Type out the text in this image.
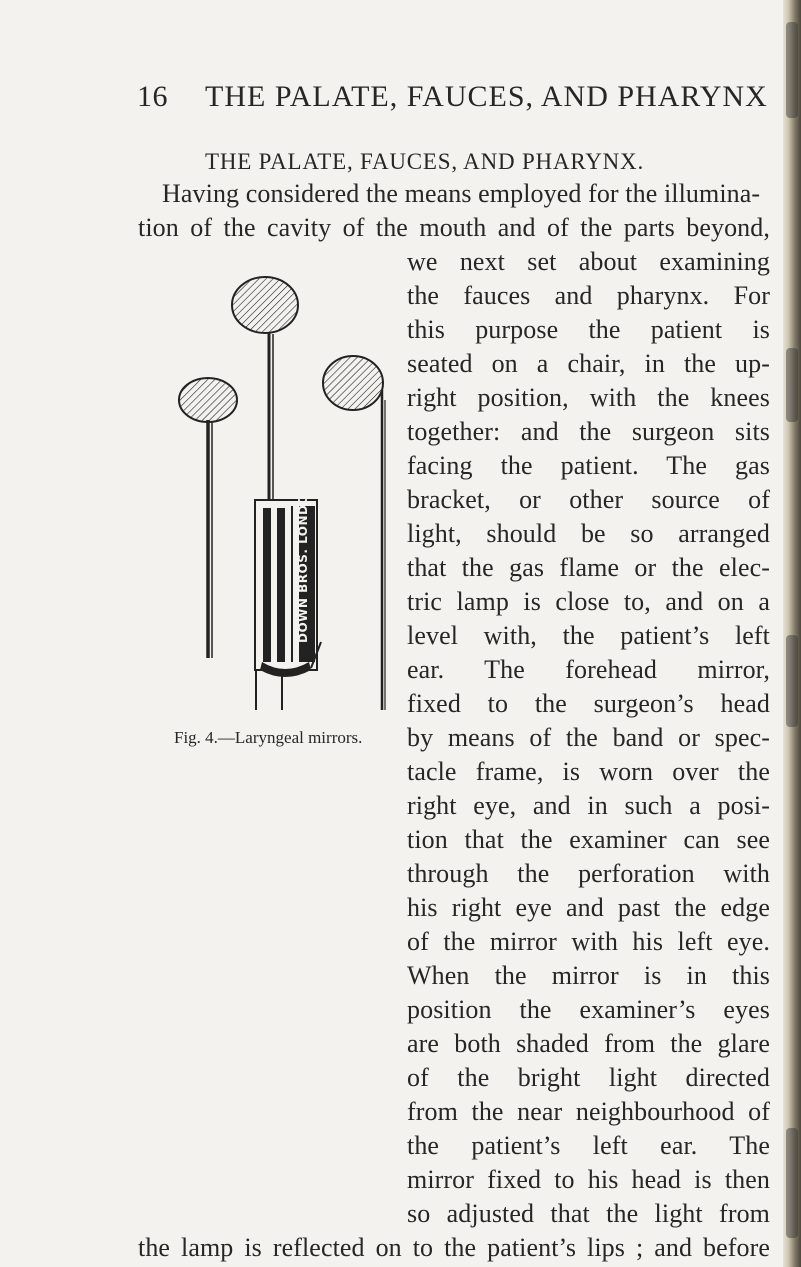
16 THE PALATE, FAUCES, AND PHARYNX
THE PALATE, FAUCES, AND PHARYNX.
Having considered the means employed for the illumina-
tion of the cavity of the mouth and of the parts beyond,
we next set about examining
the fauces and pharynx. For
this purpose the patient is
seated on a chair, in the up-
right position, with the knees
together: and the surgeon sits
facing the patient. The gas
bracket, or other source of
light, should be so arranged
that the gas flame or the elec-
tric lamp is close to, and on a
level with, the patient’s left
ear. The forehead mirror,
fixed to the surgeon’s head
by means of the band or spec-
tacle frame, is worn over the
right eye, and in such a posi-
tion that the examiner can see
through the perforation with
his right eye and past the edge
of the mirror with his left eye.
When the mirror is in this
position the examiner’s eyes
are both shaded from the glare
of the bright light directed
from the near neighbourhood of
the patient’s left ear. The
mirror fixed to his head is then
so adjusted that the light from
the lamp is reflected on to the patient’s lips ; and before
DOWN BROS. LONDON
Fig. 4.—Laryngeal mirrors.
